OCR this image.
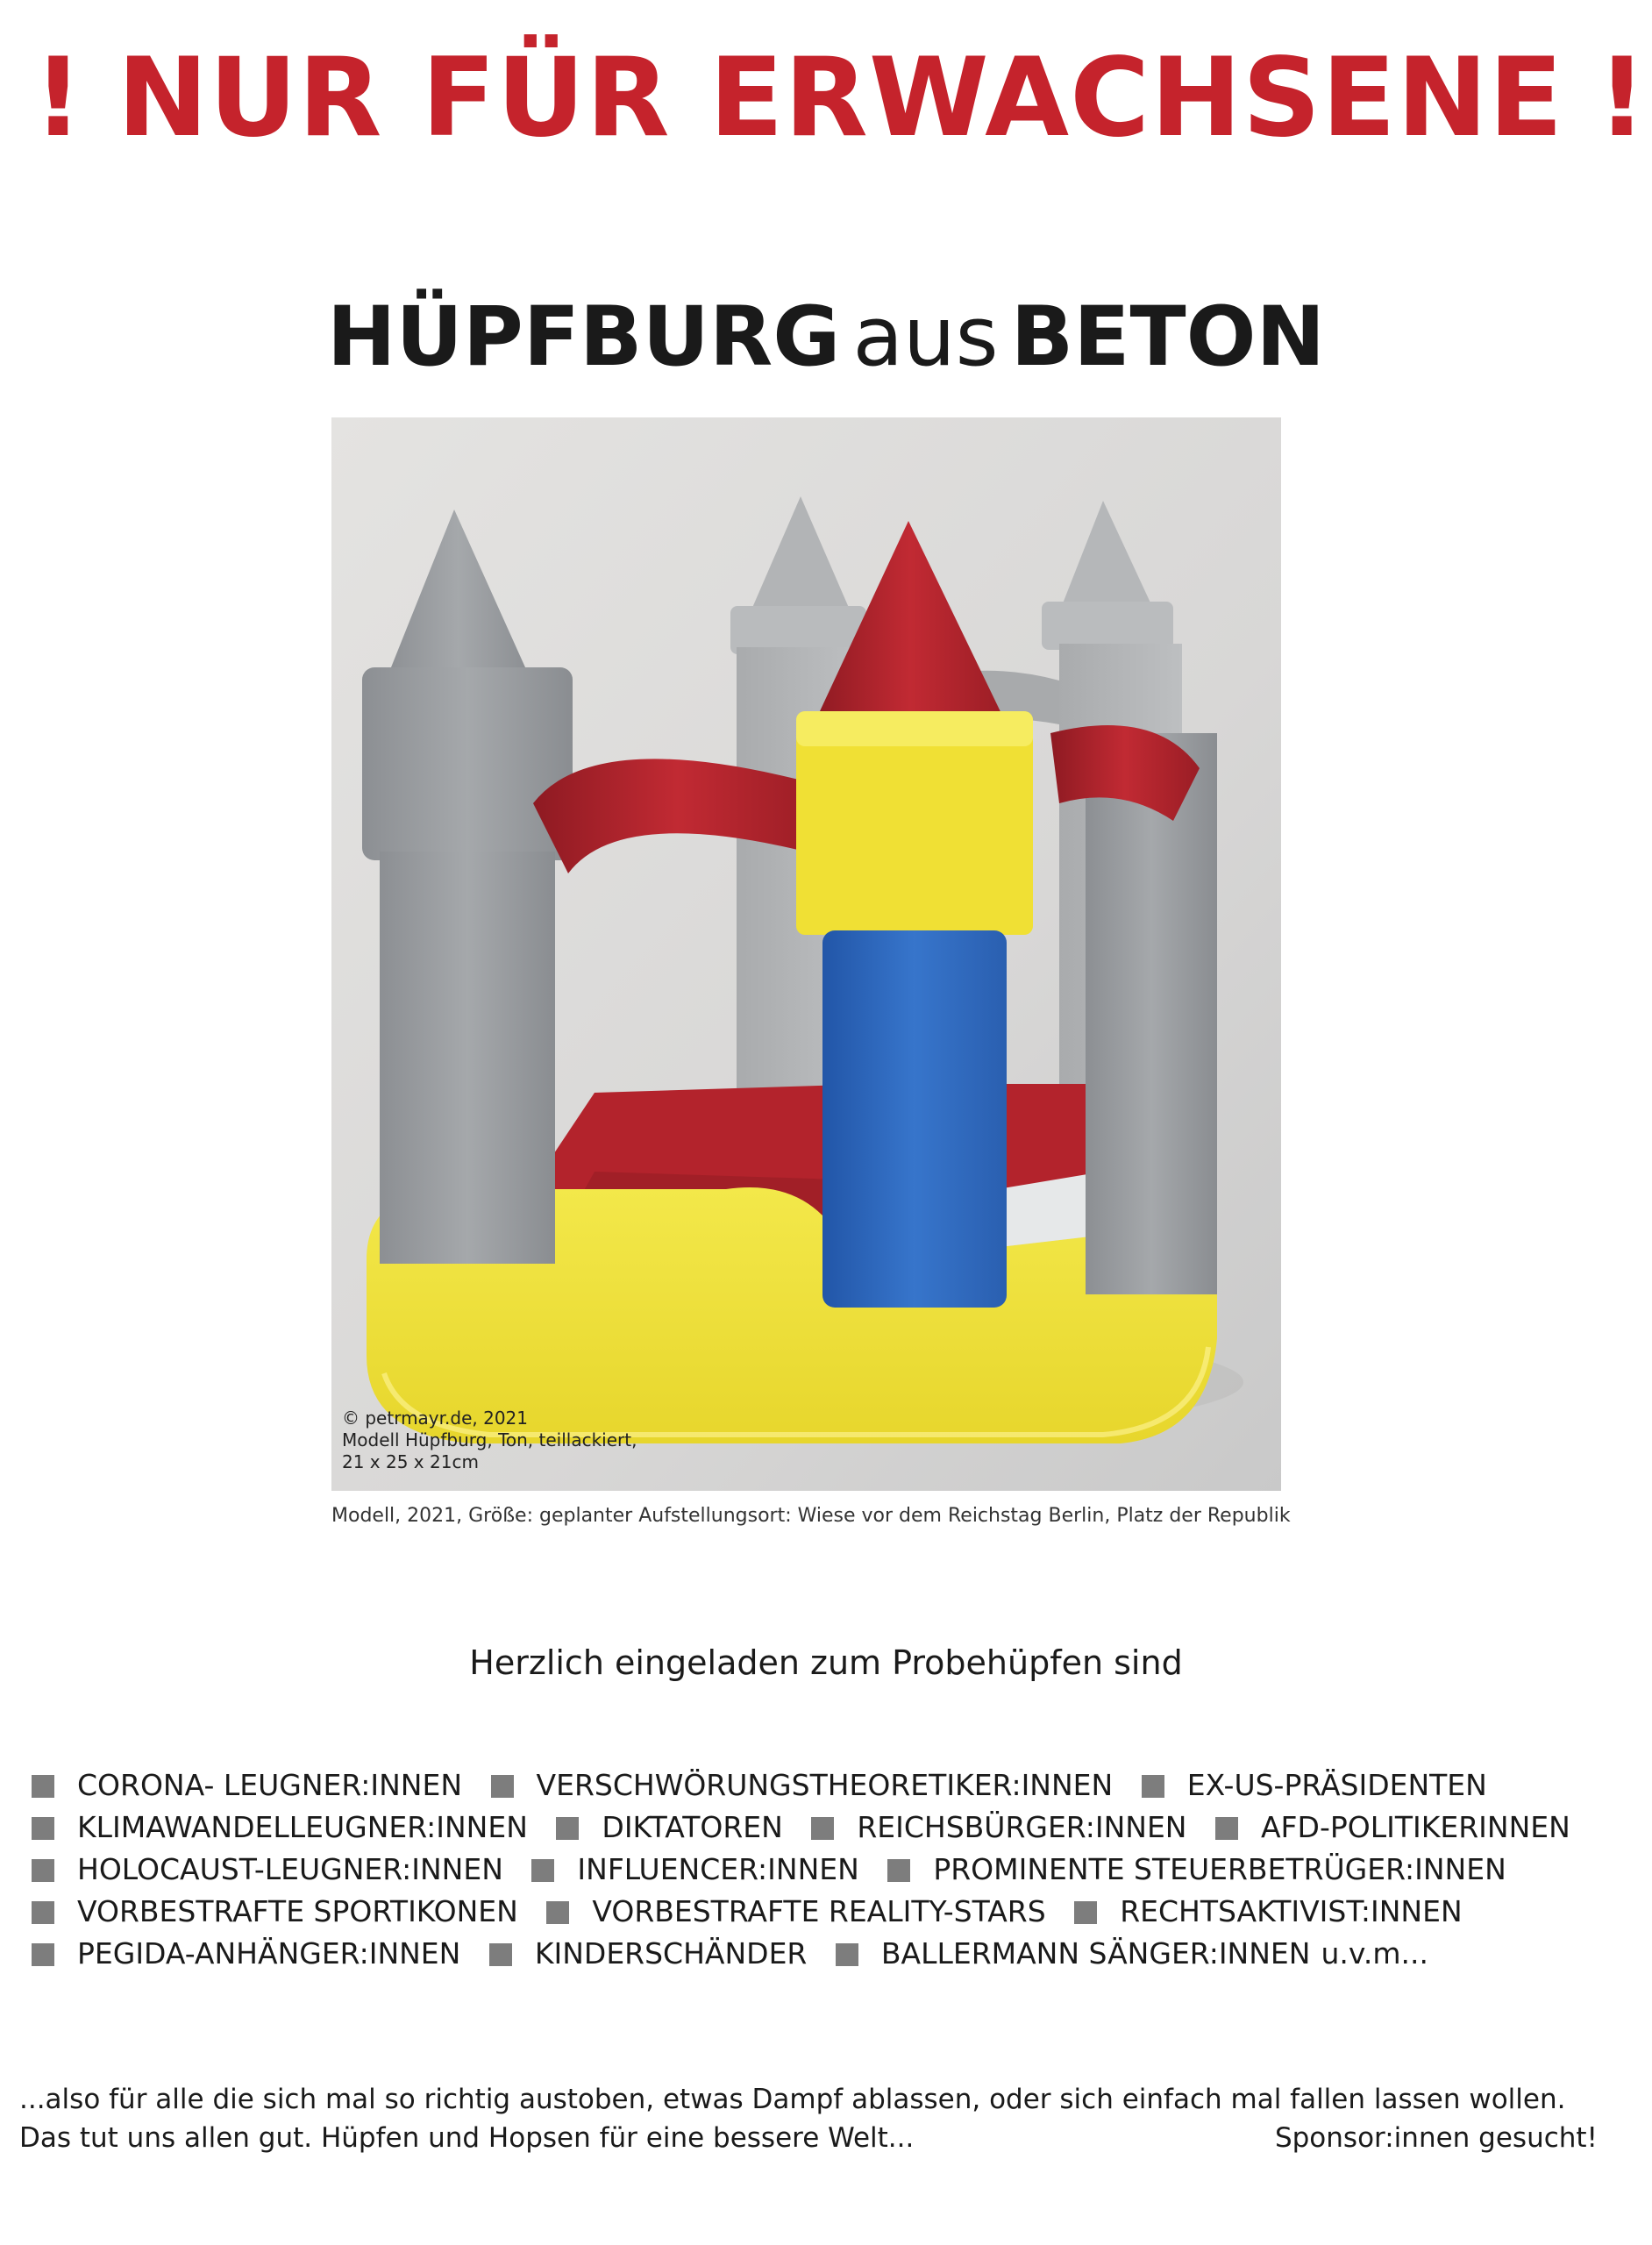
! NUR FÜR ERWACHSENE !
HÜPFBURG aus BETON
© petrmayr.de, 2021
Modell Hüpfburg, Ton, teillackiert,
21 x 25 x 21cm
Modell, 2021, Größe: geplanter Aufstellungsort: Wiese vor dem Reichstag Berlin, Platz der Republik
Herzlich eingeladen zum Probehüpfen sind
CORONA- LEUGNER:INNEN	VERSCHWÖRUNGSTHEORETIKER:INNEN	EX-US-PRÄSIDENTEN
KLIMAWANDELLEUGNER:INNEN	DIKTATOREN	REICHSBÜRGER:INNEN	AFD-POLITIKERINNEN
HOLOCAUST-LEUGNER:INNEN	INFLUENCER:INNEN	PROMINENTE STEUERBETRÜGER:INNEN
VORBESTRAFTE SPORTIKONEN	VORBESTRAFTE REALITY-STARS	RECHTSAKTIVIST:INNEN
PEGIDA-ANHÄNGER:INNEN	KINDERSCHÄNDER	BALLERMANN SÄNGER:INNEN u.v.m...
...also für alle die sich mal so richtig austoben, etwas Dampf ablassen, oder sich einfach mal fallen lassen wollen.
Das tut uns allen gut. Hüpfen und Hopsen für eine bessere Welt...	Sponsor:innen gesucht!
